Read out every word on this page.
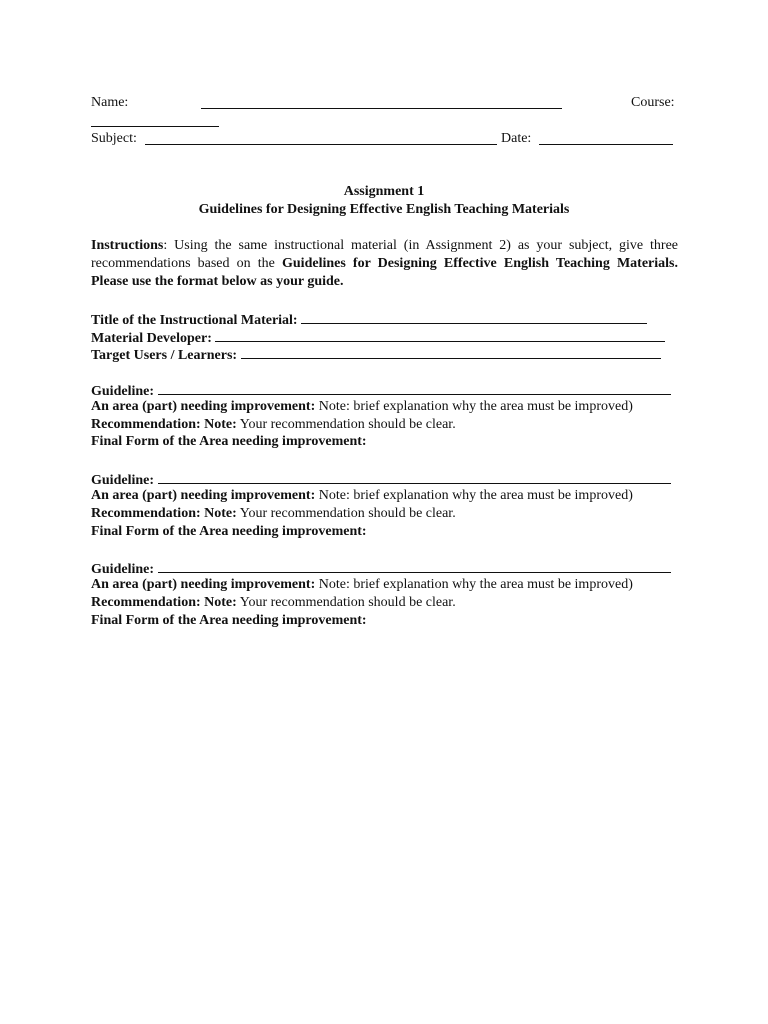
Name:	Course:
Subject:	Date:
Assignment 1
Guidelines for Designing Effective English Teaching Materials
Instructions: Using the same instructional material (in Assignment 2) as your subject, give three recommendations based on the Guidelines for Designing Effective English Teaching Materials. Please use the format below as your guide.
Title of the Instructional Material:
Material Developer:
Target Users / Learners:
Guideline:
An area (part) needing improvement: Note: brief explanation why the area must be improved)
Recommendation: Note: Your recommendation should be clear.
Final Form of the Area needing improvement:
Guideline:
An area (part) needing improvement: Note: brief explanation why the area must be improved)
Recommendation: Note: Your recommendation should be clear.
Final Form of the Area needing improvement:
Guideline:
An area (part) needing improvement: Note: brief explanation why the area must be improved)
Recommendation: Note: Your recommendation should be clear.
Final Form of the Area needing improvement:
